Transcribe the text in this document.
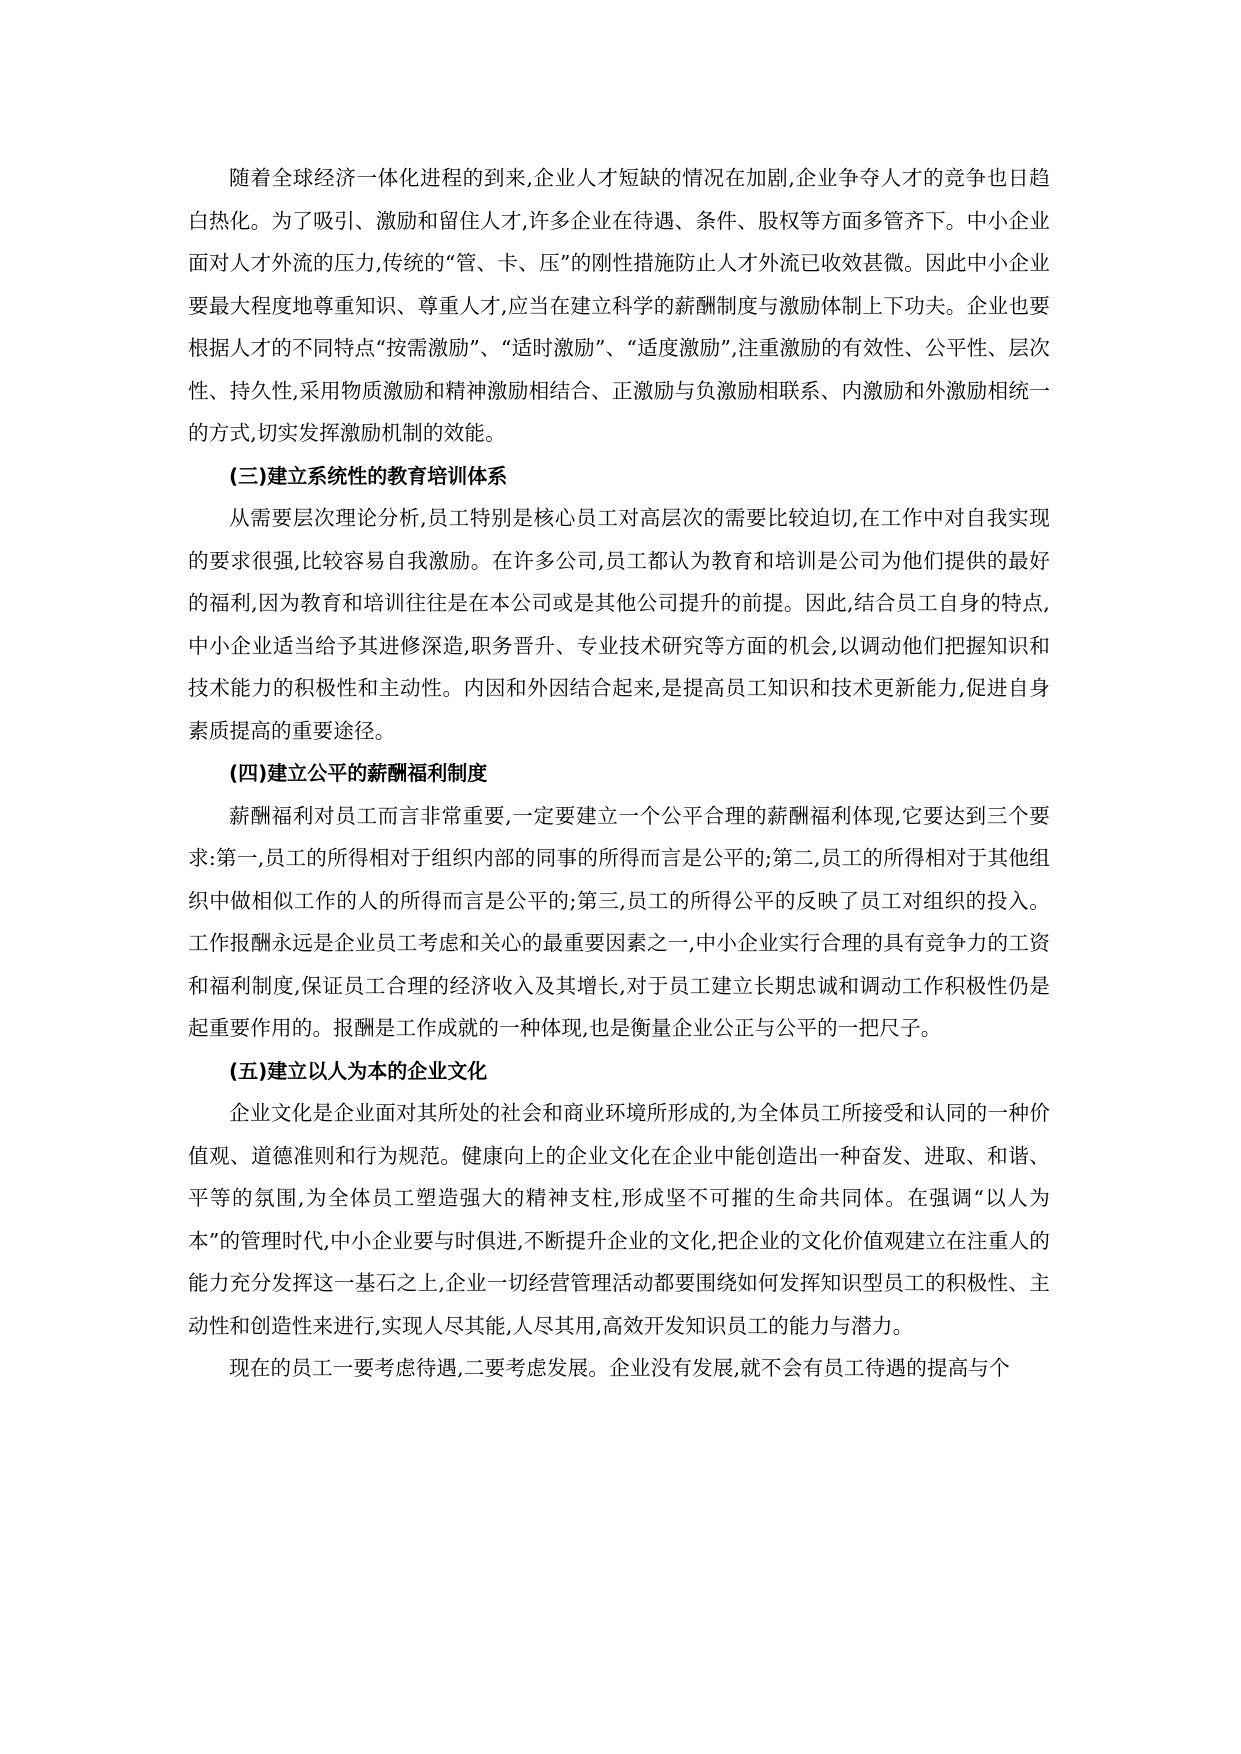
随着全球经济一体化进程的到来,企业人才短缺的情况在加剧,企业争夺人才的竞争也日趋白热化。为了吸引、激励和留住人才,许多企业在待遇、条件、股权等方面多管齐下。中小企业面对人才外流的压力,传统的“管、卡、压”的刚性措施防止人才外流已收效甚微。因此中小企业要最大程度地尊重知识、尊重人才,应当在建立科学的薪酬制度与激励体制上下功夫。企业也要根据人才的不同特点“按需激励”、“适时激励”、“适度激励”,注重激励的有效性、公平性、层次性、持久性,采用物质激励和精神激励相结合、正激励与负激励相联系、内激励和外激励相统一的方式,切实发挥激励机制的效能。

(三)建立系统性的教育培训体系

从需要层次理论分析,员工特别是核心员工对高层次的需要比较迫切,在工作中对自我实现的要求很强,比较容易自我激励。在许多公司,员工都认为教育和培训是公司为他们提供的最好的福利,因为教育和培训往往是在本公司或是其他公司提升的前提。因此,结合员工自身的特点,中小企业适当给予其进修深造,职务晋升、专业技术研究等方面的机会,以调动他们把握知识和技术能力的积极性和主动性。内因和外因结合起来,是提高员工知识和技术更新能力,促进自身素质提高的重要途径。

(四)建立公平的薪酬福利制度

薪酬福利对员工而言非常重要,一定要建立一个公平合理的薪酬福利体现,它要达到三个要求:第一,员工的所得相对于组织内部的同事的所得而言是公平的;第二,员工的所得相对于其他组织中做相似工作的人的所得而言是公平的;第三,员工的所得公平的反映了员工对组织的投入。工作报酬永远是企业员工考虑和关心的最重要因素之一,中小企业实行合理的具有竞争力的工资和福利制度,保证员工合理的经济收入及其增长,对于员工建立长期忠诚和调动工作积极性仍是起重要作用的。报酬是工作成就的一种体现,也是衡量企业公正与公平的一把尺子。

(五)建立以人为本的企业文化

企业文化是企业面对其所处的社会和商业环境所形成的,为全体员工所接受和认同的一种价值观、道德准则和行为规范。健康向上的企业文化在企业中能创造出一种奋发、进取、和谐、平等的氛围,为全体员工塑造强大的精神支柱,形成坚不可摧的生命共同体。在强调“以人为本”的管理时代,中小企业要与时俱进,不断提升企业的文化,把企业的文化价值观建立在注重人的能力充分发挥这一基石之上,企业一切经营管理活动都要围绕如何发挥知识型员工的积极性、主动性和创造性来进行,实现人尽其能,人尽其用,高效开发知识员工的能力与潜力。

现在的员工一要考虑待遇,二要考虑发展。企业没有发展,就不会有员工待遇的提高与个
